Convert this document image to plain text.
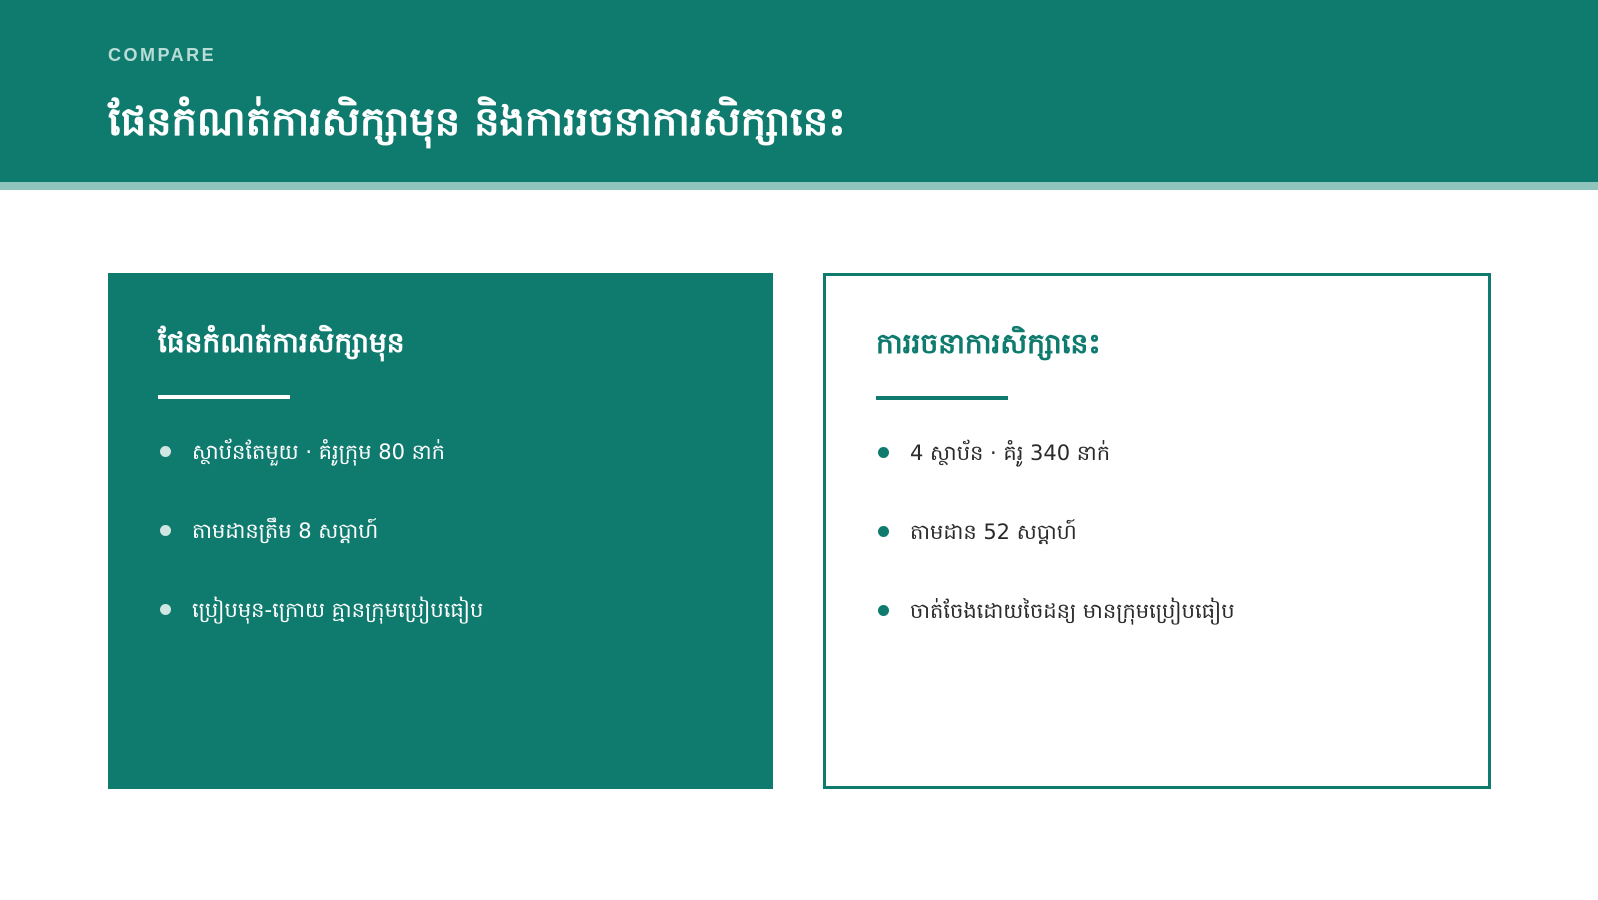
COMPARE
ផែនកំណត់ការសិក្សាមុន និងការរចនាការសិក្សានេះ
ផែនកំណត់ការសិក្សាមុន
ស្ថាប័នតែមួយ · គំរូក្រុម 80 នាក់
តាមដានត្រឹម 8 សប្តាហ៍
ប្រៀបមុន-ក្រោយ គ្មានក្រុមប្រៀបធៀប
ការរចនាការសិក្សានេះ
4 ស្ថាប័ន · គំរូ 340 នាក់
តាមដាន 52 សប្តាហ៍
ចាត់ចែងដោយចៃដន្យ មានក្រុមប្រៀបធៀប
